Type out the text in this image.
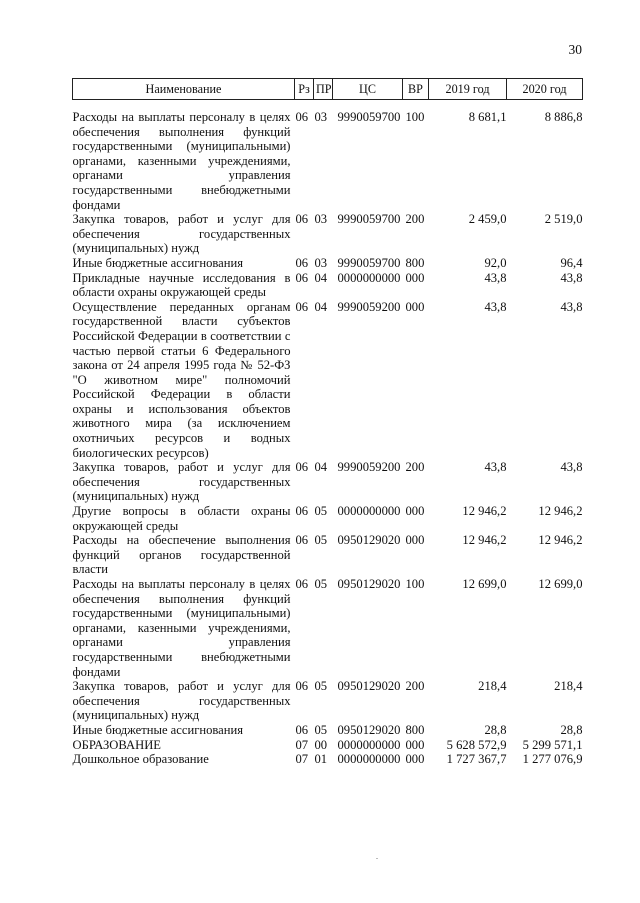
30
Наименование	Рз	ПР	ЦС	ВР	2019 год	2020 год
Расходы на выплаты персоналу в целях обеспечения выполнения функций государственными (муниципальными) органами, казенными учреждениями, органами управления государственными внебюджетными фондами	06	03	9990059700	100	8 681,1	8 886,8
Закупка товаров, работ и услуг для обеспечения государственных (муниципальных) нужд	06	03	9990059700	200	2 459,0	2 519,0
Иные бюджетные ассигнования	06	03	9990059700	800	92,0	96,4
Прикладные научные исследования в области охраны окружающей среды	06	04	0000000000	000	43,8	43,8
Осуществление переданных органам государственной власти субъектов Российской Федерации в соответствии с частью первой статьи 6 Федерального закона от 24 апреля 1995 года № 52-ФЗ "О животном мире" полномочий Российской Федерации в области охраны и использования объектов животного мира (за исключением охотничьих ресурсов и водных биологических ресурсов)	06	04	9990059200	000	43,8	43,8
Закупка товаров, работ и услуг для обеспечения государственных (муниципальных) нужд	06	04	9990059200	200	43,8	43,8
Другие вопросы в области охраны окружающей среды	06	05	0000000000	000	12 946,2	12 946,2
Расходы на обеспечение выполнения функций органов государственной власти	06	05	0950129020	000	12 946,2	12 946,2
Расходы на выплаты персоналу в целях обеспечения выполнения функций государственными (муниципальными) органами, казенными учреждениями, органами управления государственными внебюджетными фондами	06	05	0950129020	100	12 699,0	12 699,0
Закупка товаров, работ и услуг для обеспечения государственных (муниципальных) нужд	06	05	0950129020	200	218,4	218,4
Иные бюджетные ассигнования	06	05	0950129020	800	28,8	28,8
ОБРАЗОВАНИЕ	07	00	0000000000	000	5 628 572,9	5 299 571,1
Дошкольное образование	07	01	0000000000	000	1 727 367,7	1 277 076,9
